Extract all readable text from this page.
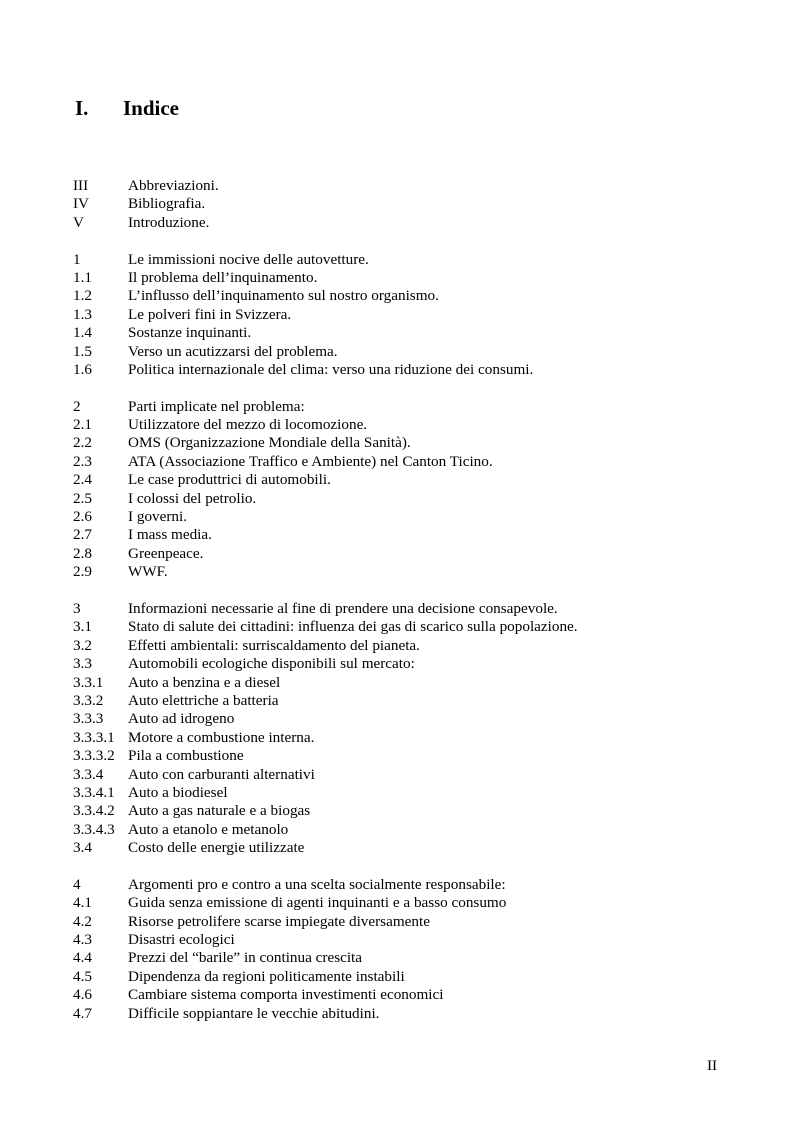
I. Indice
III	Abbreviazioni.
IV	Bibliografia.
V	Introduzione.
1	Le immissioni nocive delle autovetture.
1.1	Il problema dell’inquinamento.
1.2	L’influsso dell’inquinamento sul nostro organismo.
1.3	Le polveri fini in Svizzera.
1.4	Sostanze inquinanti.
1.5	Verso un acutizzarsi del problema.
1.6	Politica internazionale del clima: verso una riduzione dei consumi.
2	Parti implicate nel problema:
2.1	Utilizzatore del mezzo di locomozione.
2.2	OMS (Organizzazione Mondiale della Sanità).
2.3	ATA (Associazione Traffico e Ambiente) nel Canton Ticino.
2.4	Le case produttrici di automobili.
2.5	I colossi del petrolio.
2.6	I governi.
2.7	I mass media.
2.8	Greenpeace.
2.9	WWF.
3	Informazioni necessarie al fine di prendere una decisione consapevole.
3.1	Stato di salute dei cittadini: influenza dei gas di scarico sulla popolazione.
3.2	Effetti ambientali: surriscaldamento del pianeta.
3.3	Automobili ecologiche disponibili sul mercato:
3.3.1	Auto a benzina e a diesel
3.3.2	Auto elettriche a batteria
3.3.3	Auto ad idrogeno
3.3.3.1 Motore a combustione interna.
3.3.3.2 Pila a combustione
3.3.4	Auto con carburanti alternativi
3.3.4.1 Auto a biodiesel
3.3.4.2 Auto a gas naturale e a biogas
3.3.4.3 Auto a etanolo e metanolo
3.4	Costo delle energie utilizzate
4	Argomenti pro e contro a una scelta socialmente responsabile:
4.1	Guida senza emissione di agenti inquinanti e a basso consumo
4.2	Risorse petrolifere scarse impiegate diversamente
4.3	Disastri ecologici
4.4	Prezzi del “barile” in continua crescita
4.5	Dipendenza da regioni politicamente instabili
4.6	Cambiare sistema comporta investimenti economici
4.7	Difficile soppiantare le vecchie abitudini.
II
